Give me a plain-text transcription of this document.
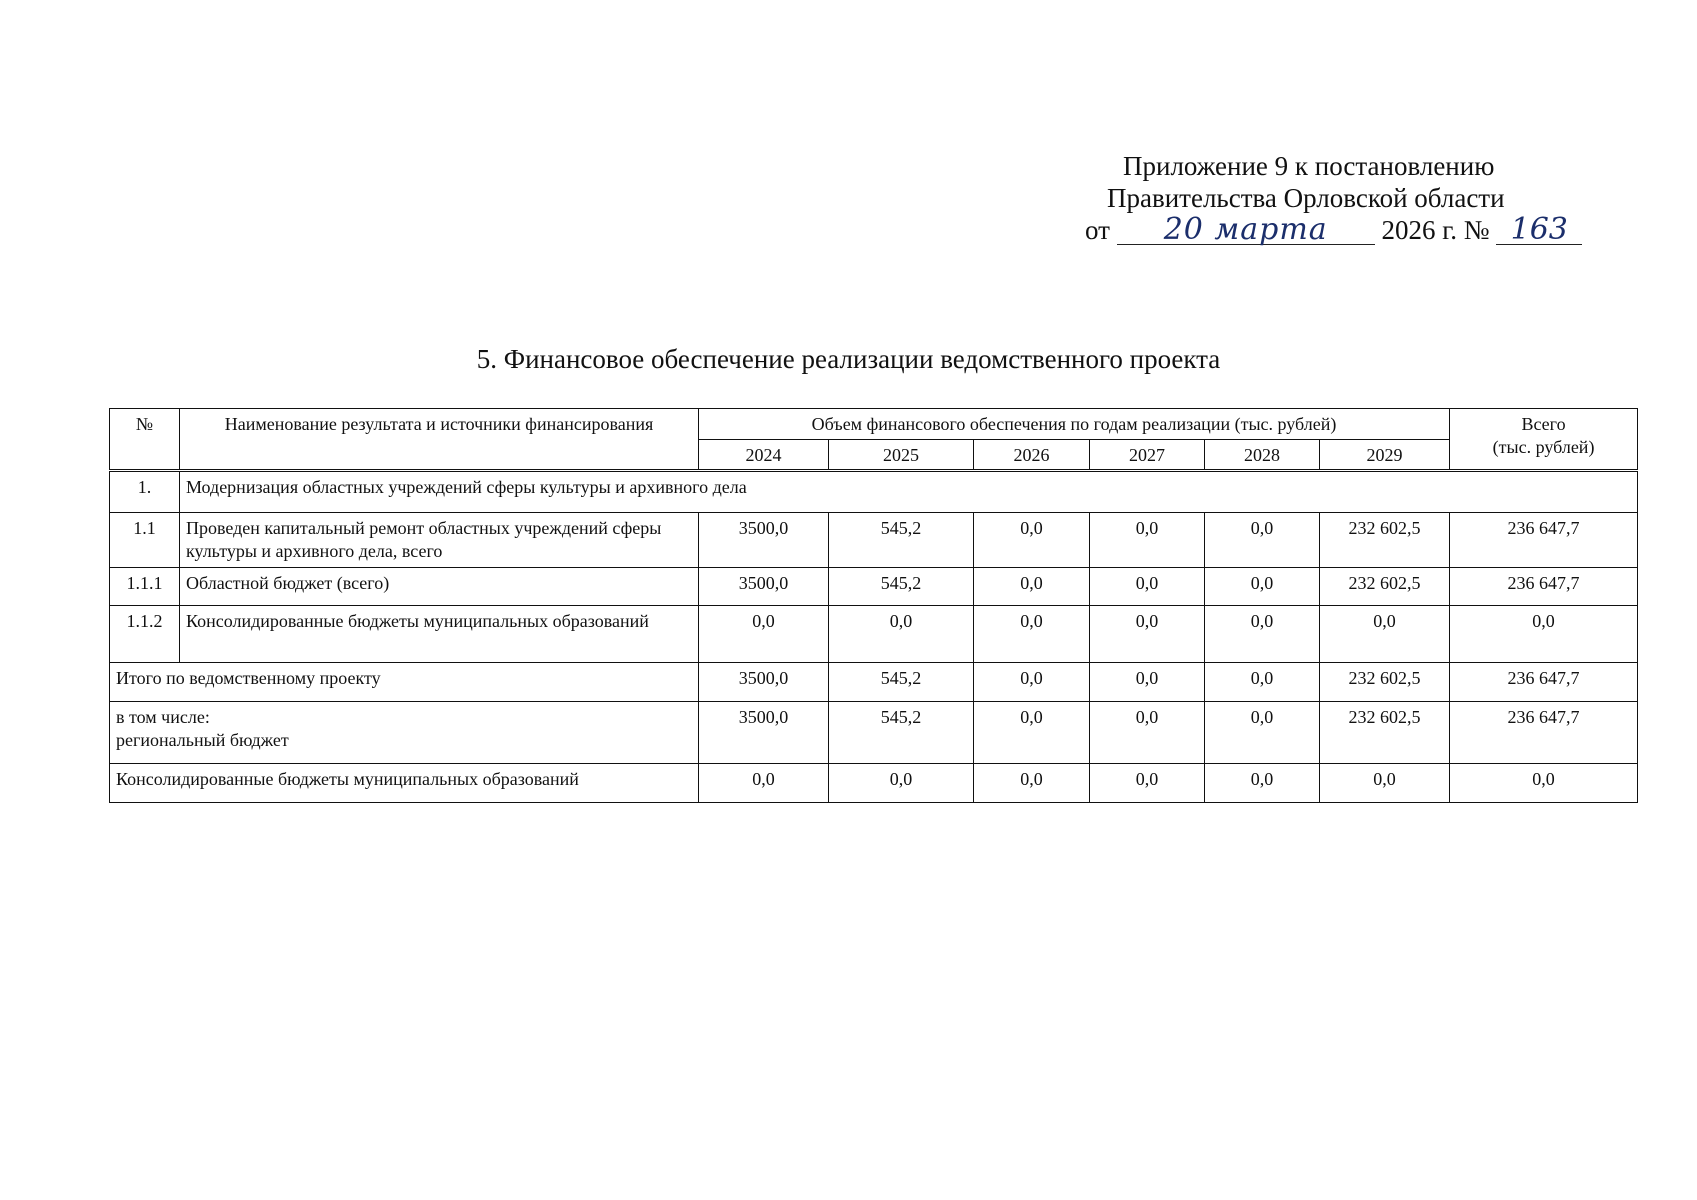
Приложение 9 к постановлению
Правительства Орловской области
от 20 марта 2026 г. № 163
5. Финансовое обеспечение реализации ведомственного проекта
№	Наименование результата и источники финансирования	Объем финансового обеспечения по годам реализации (тыс. рублей)						Всего
(тыс. рублей)
		2024	2025	2026	2027	2028	2029	
1.	Модернизация областных учреждений сферы культуры и архивного дела							
1.1	Проведен капитальный ремонт областных учреждений сферы культуры и архивного дела, всего	3500,0	545,2	0,0	0,0	0,0	232 602,5	236 647,7
1.1.1	Областной бюджет (всего)	3500,0	545,2	0,0	0,0	0,0	232 602,5	236 647,7
1.1.2	Консолидированные бюджеты муниципальных образований	0,0	0,0	0,0	0,0	0,0	0,0	0,0
Итого по ведомственному проекту		3500,0	545,2	0,0	0,0	0,0	232 602,5	236 647,7
в том числе:
региональный бюджет		3500,0	545,2	0,0	0,0	0,0	232 602,5	236 647,7
Консолидированные бюджеты муниципальных образований		0,0	0,0	0,0	0,0	0,0	0,0	0,0
